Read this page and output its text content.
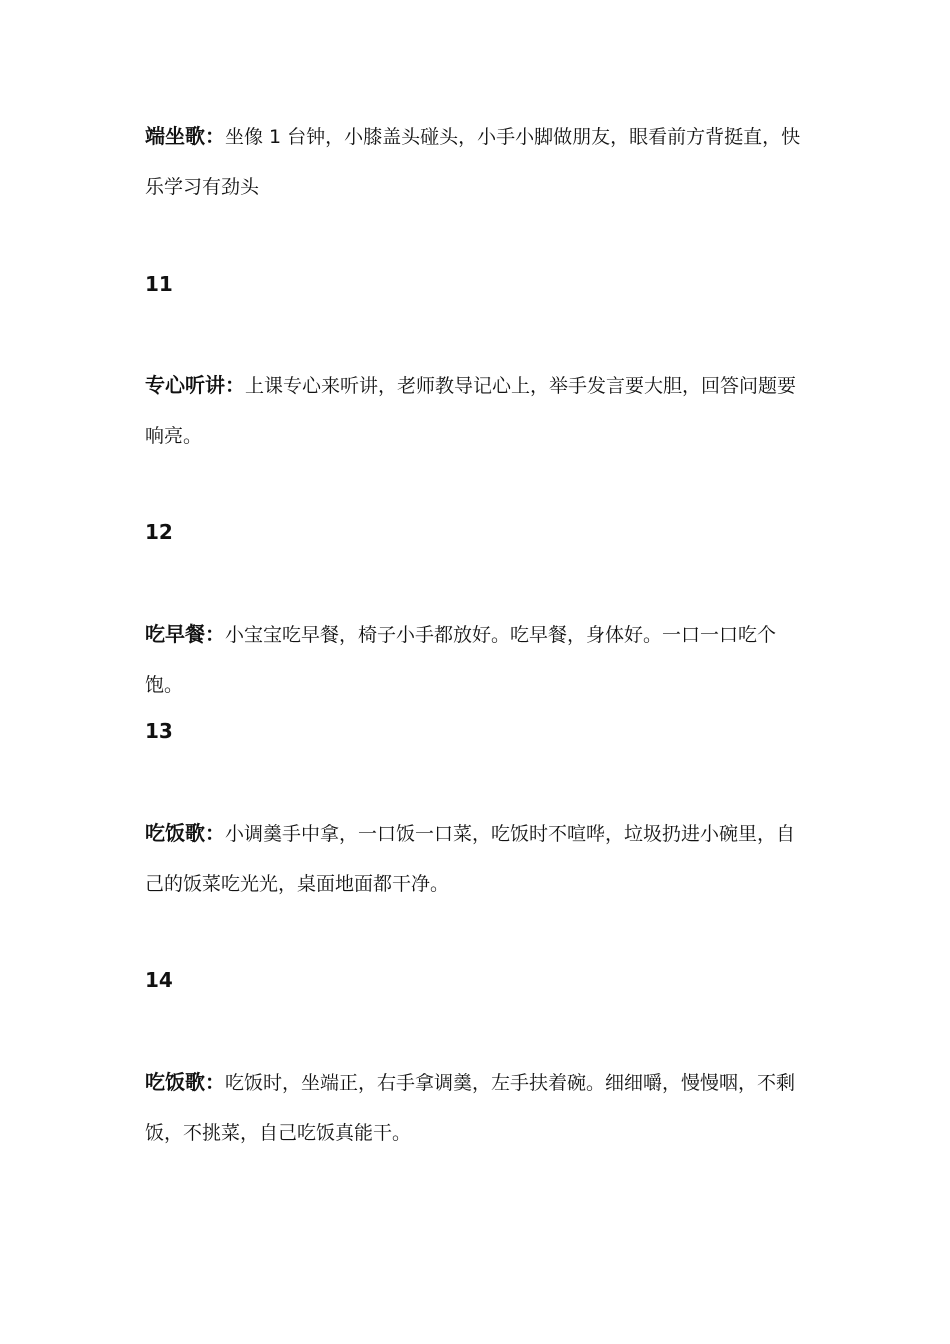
端坐歌：坐像 1 台钟，小膝盖头碰头，小手小脚做朋友，眼看前方背挺直，快乐学习有劲头

11

专心听讲：上课专心来听讲，老师教导记心上，举手发言要大胆，回答问题要响亮。

12

吃早餐：小宝宝吃早餐，椅子小手都放好。吃早餐，身体好。一口一口吃个饱。

13

吃饭歌：小调羹手中拿，一口饭一口菜，吃饭时不喧哗，垃圾扔进小碗里，自己的饭菜吃光光，桌面地面都干净。

14

吃饭歌：吃饭时，坐端正，右手拿调羹，左手扶着碗。细细嚼，慢慢咽，不剩饭，不挑菜，自己吃饭真能干。
